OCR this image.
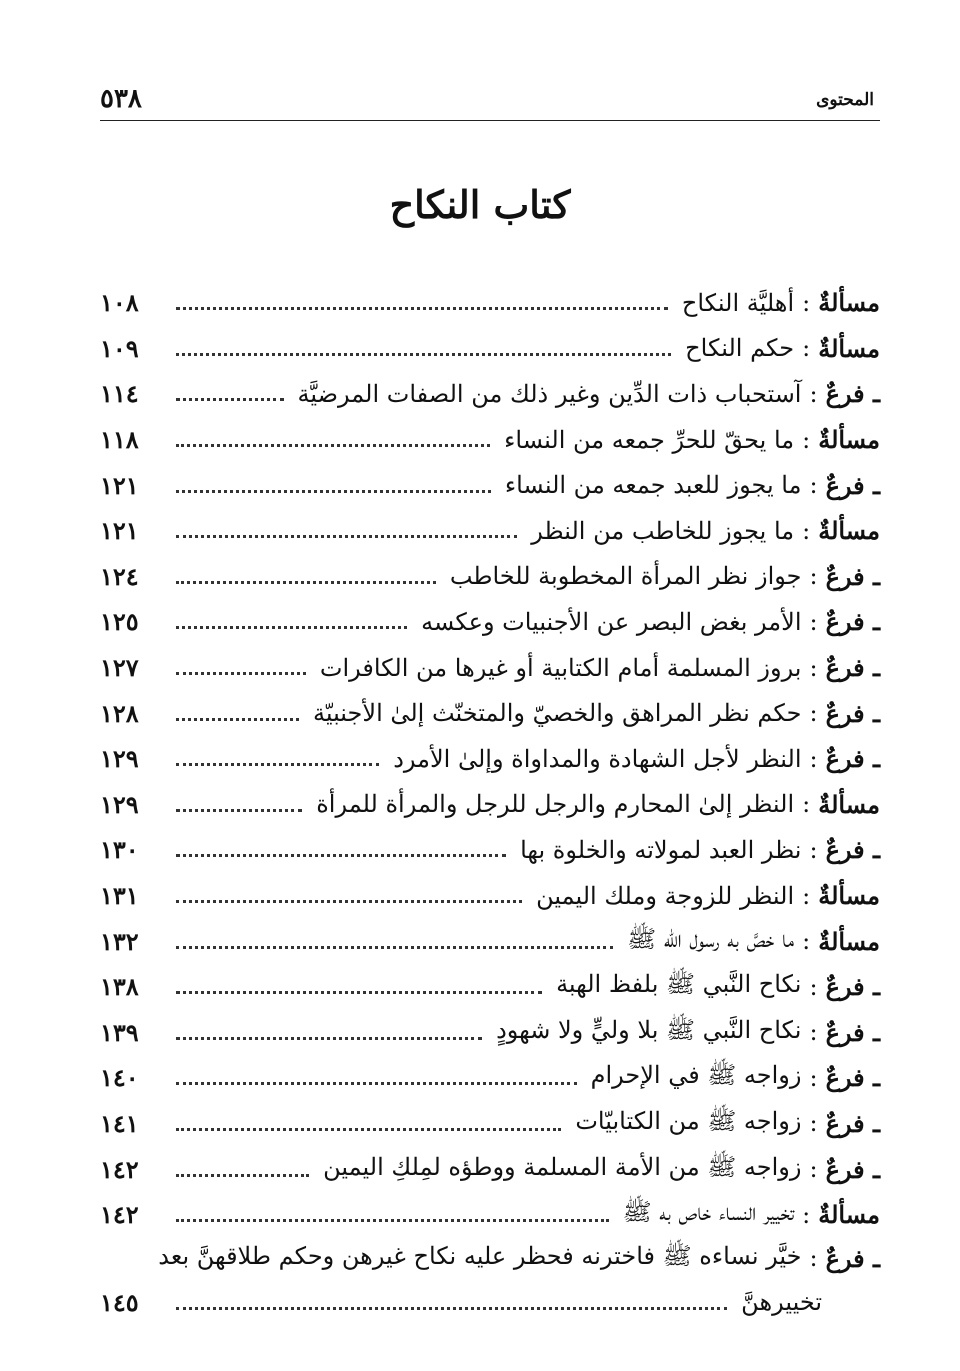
٥٣٨	المحتوى
كتاب النكاح
مسألةٌ
:
أهليَّة النكاح
١٠٨
مسألةٌ
:
حكم النكاح
١٠٩
ـ فرعٌ
:
آستحباب ذات الدِّين وغير ذلك من الصفات المرضيَّة
١١٤
مسألةٌ
:
ما يحقّ للحرِّ جمعه من النساء
١١٨
ـ فرعٌ
:
ما يجوز للعبد جمعه من النساء
١٢١
مسألةٌ
:
ما يجوز للخاطب من النظر
١٢١
ـ فرعٌ
:
جواز نظر المرأة المخطوبة للخاطب
١٢٤
ـ فرعٌ
:
الأمر بغض البصر عن الأجنبيات وعكسه
١٢٥
ـ فرعٌ
:
بروز المسلمة أمام الكتابية أو غيرها من الكافرات
١٢٧
ـ فرعٌ
:
حكم نظر المراهق والخصيّ والمتخنّث إلىٰ الأجنبيّة
١٢٨
ـ فرعٌ
:
النظر لأجل الشهادة والمداواة وإلىٰ الأمرد
١٢٩
مسألةٌ
:
النظر إلىٰ المحارم والرجل للرجل والمرأة للمرأة
١٢٩
ـ فرعٌ
:
نظر العبد لمولاته والخلوة بها
١٣٠
مسألةٌ
:
النظر للزوجة وملك اليمين
١٣١
مسألةٌ
:
ما خصَّ به رسول الله ﷺ
١٣٢
ـ فرعٌ
:
نكاح النَّبي ﷺ بلفظ الهبة
١٣٨
ـ فرعٌ
:
نكاح النَّبي ﷺ بلا وليٍّ ولا شهودٍ
١٣٩
ـ فرعٌ
:
زواجه ﷺ في الإحرام
١٤٠
ـ فرعٌ
:
زواجه ﷺ من الكتابيّات
١٤١
ـ فرعٌ
:
زواجه ﷺ من الأمة المسلمة ووطؤه لمِلكِ اليمين
١٤٢
مسألةٌ
:
تخيير النساء خاص به ﷺ
١٤٢
ـ فرعٌ
:
خيَّر نساءه ﷺ فاخترنه فحظر عليه نكاح غيرهن وحكم طلاقهنَّ بعد
تخييرهنَّ
١٤٥
